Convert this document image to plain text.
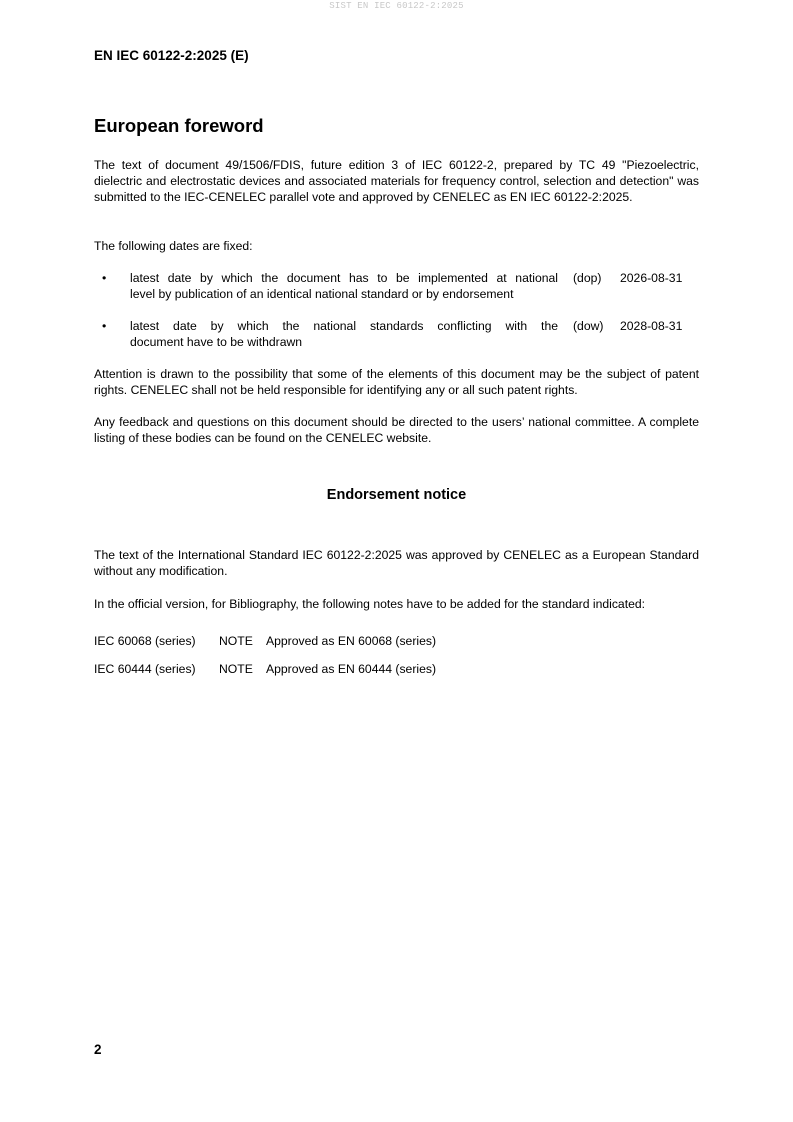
SIST EN IEC 60122-2:2025
EN IEC 60122-2:2025 (E)
European foreword
The text of document 49/1506/FDIS, future edition 3 of IEC 60122-2, prepared by TC 49 "Piezoelectric, dielectric and electrostatic devices and associated materials for frequency control, selection and detection" was submitted to the IEC-CENELEC parallel vote and approved by CENELEC as EN IEC 60122-2:2025.
The following dates are fixed:
• latest date by which the document has to be implemented at national
level by publication of an identical national standard or by endorsement
(dop) 2026-08-31
• latest date by which the national standards conflicting with the
document have to be withdrawn
(dow) 2028-08-31
Attention is drawn to the possibility that some of the elements of this document may be the subject of patent rights. CENELEC shall not be held responsible for identifying any or all such patent rights.
Any feedback and questions on this document should be directed to the users’ national committee. A complete listing of these bodies can be found on the CENELEC website.
Endorsement notice
The text of the International Standard IEC 60122-2:2025 was approved by CENELEC as a European Standard without any modification.
In the official version, for Bibliography, the following notes have to be added for the standard indicated:
IEC 60068 (series) NOTE Approved as EN 60068 (series)
IEC 60444 (series) NOTE Approved as EN 60444 (series)
2
